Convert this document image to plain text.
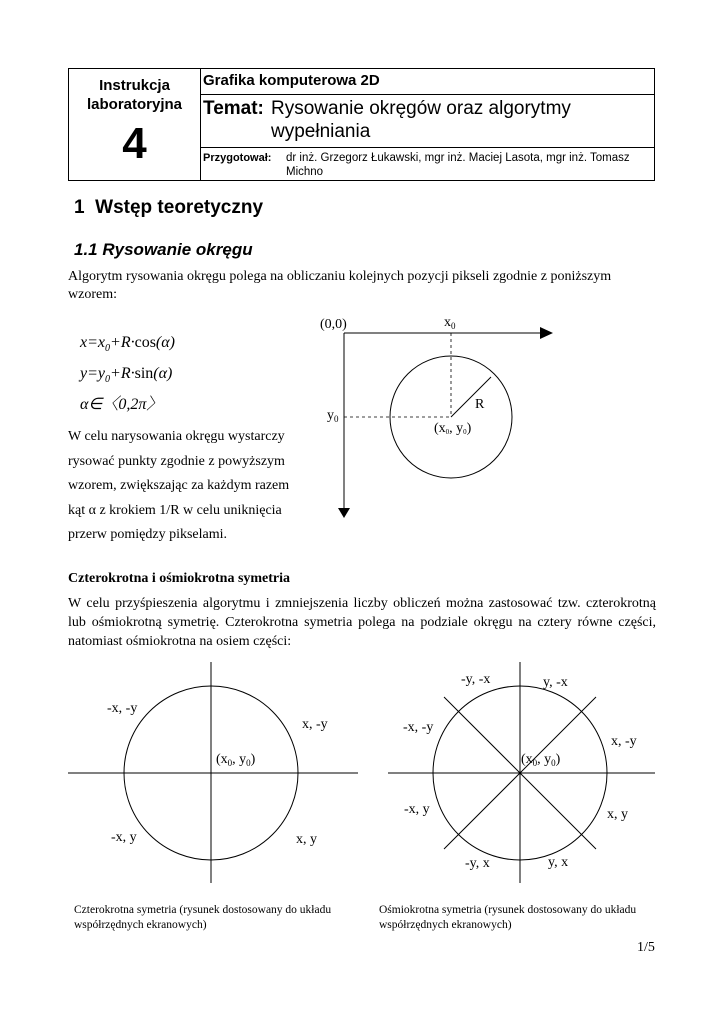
Instrukcja
laboratoryjna
4
Grafika komputerowa 2D
Temat: Rysowanie okręgów oraz algorytmy
wypełniania
Przygotował: dr inż. Grzegorz Łukawski, mgr inż. Maciej Lasota, mgr inż. Tomasz Michno
1 Wstęp teoretyczny
1.1 Rysowanie okręgu
Algorytm rysowania okręgu polega na obliczaniu kolejnych pozycji pikseli zgodnie z poniższym wzorem:
$x=x_0+R\cdot\cos(\alpha)$
$y=y_0+R\cdot\sin(\alpha)$
α∈〈0,2π〉
W celu narysowania okręgu wystarczy rysować punkty zgodnie z powyższym wzorem, zwiększając za każdym razem kąt α z krokiem 1/R w celu uniknięcia przerw pomiędzy pikselami.
Czterokrotna i ośmiokrotna symetria
W celu przyśpieszenia algorytmu i zmniejszenia liczby obliczeń można zastosować tzw. czterokrotną lub ośmiokrotną symetrię. Czterokrotna symetria polega na podziale okręgu na cztery równe części, natomiast ośmiokrotna na osiem części:
(0,0)	$x_0$
$y_0$
R
(x0, y0)
-x, -y
x, -y
-x, y	x, y
($x_0$, $y_0$)
-y, -x	y, -x
-x, -y
x, -y
-x, y	x, y
-y, x	y, x
($x_0$, $y_0$)
Czterokrotna symetria (rysunek dostosowany do układu współrzędnych ekranowych)
Ośmiokrotna symetria (rysunek dostosowany do układu współrzędnych ekranowych)
1/5
